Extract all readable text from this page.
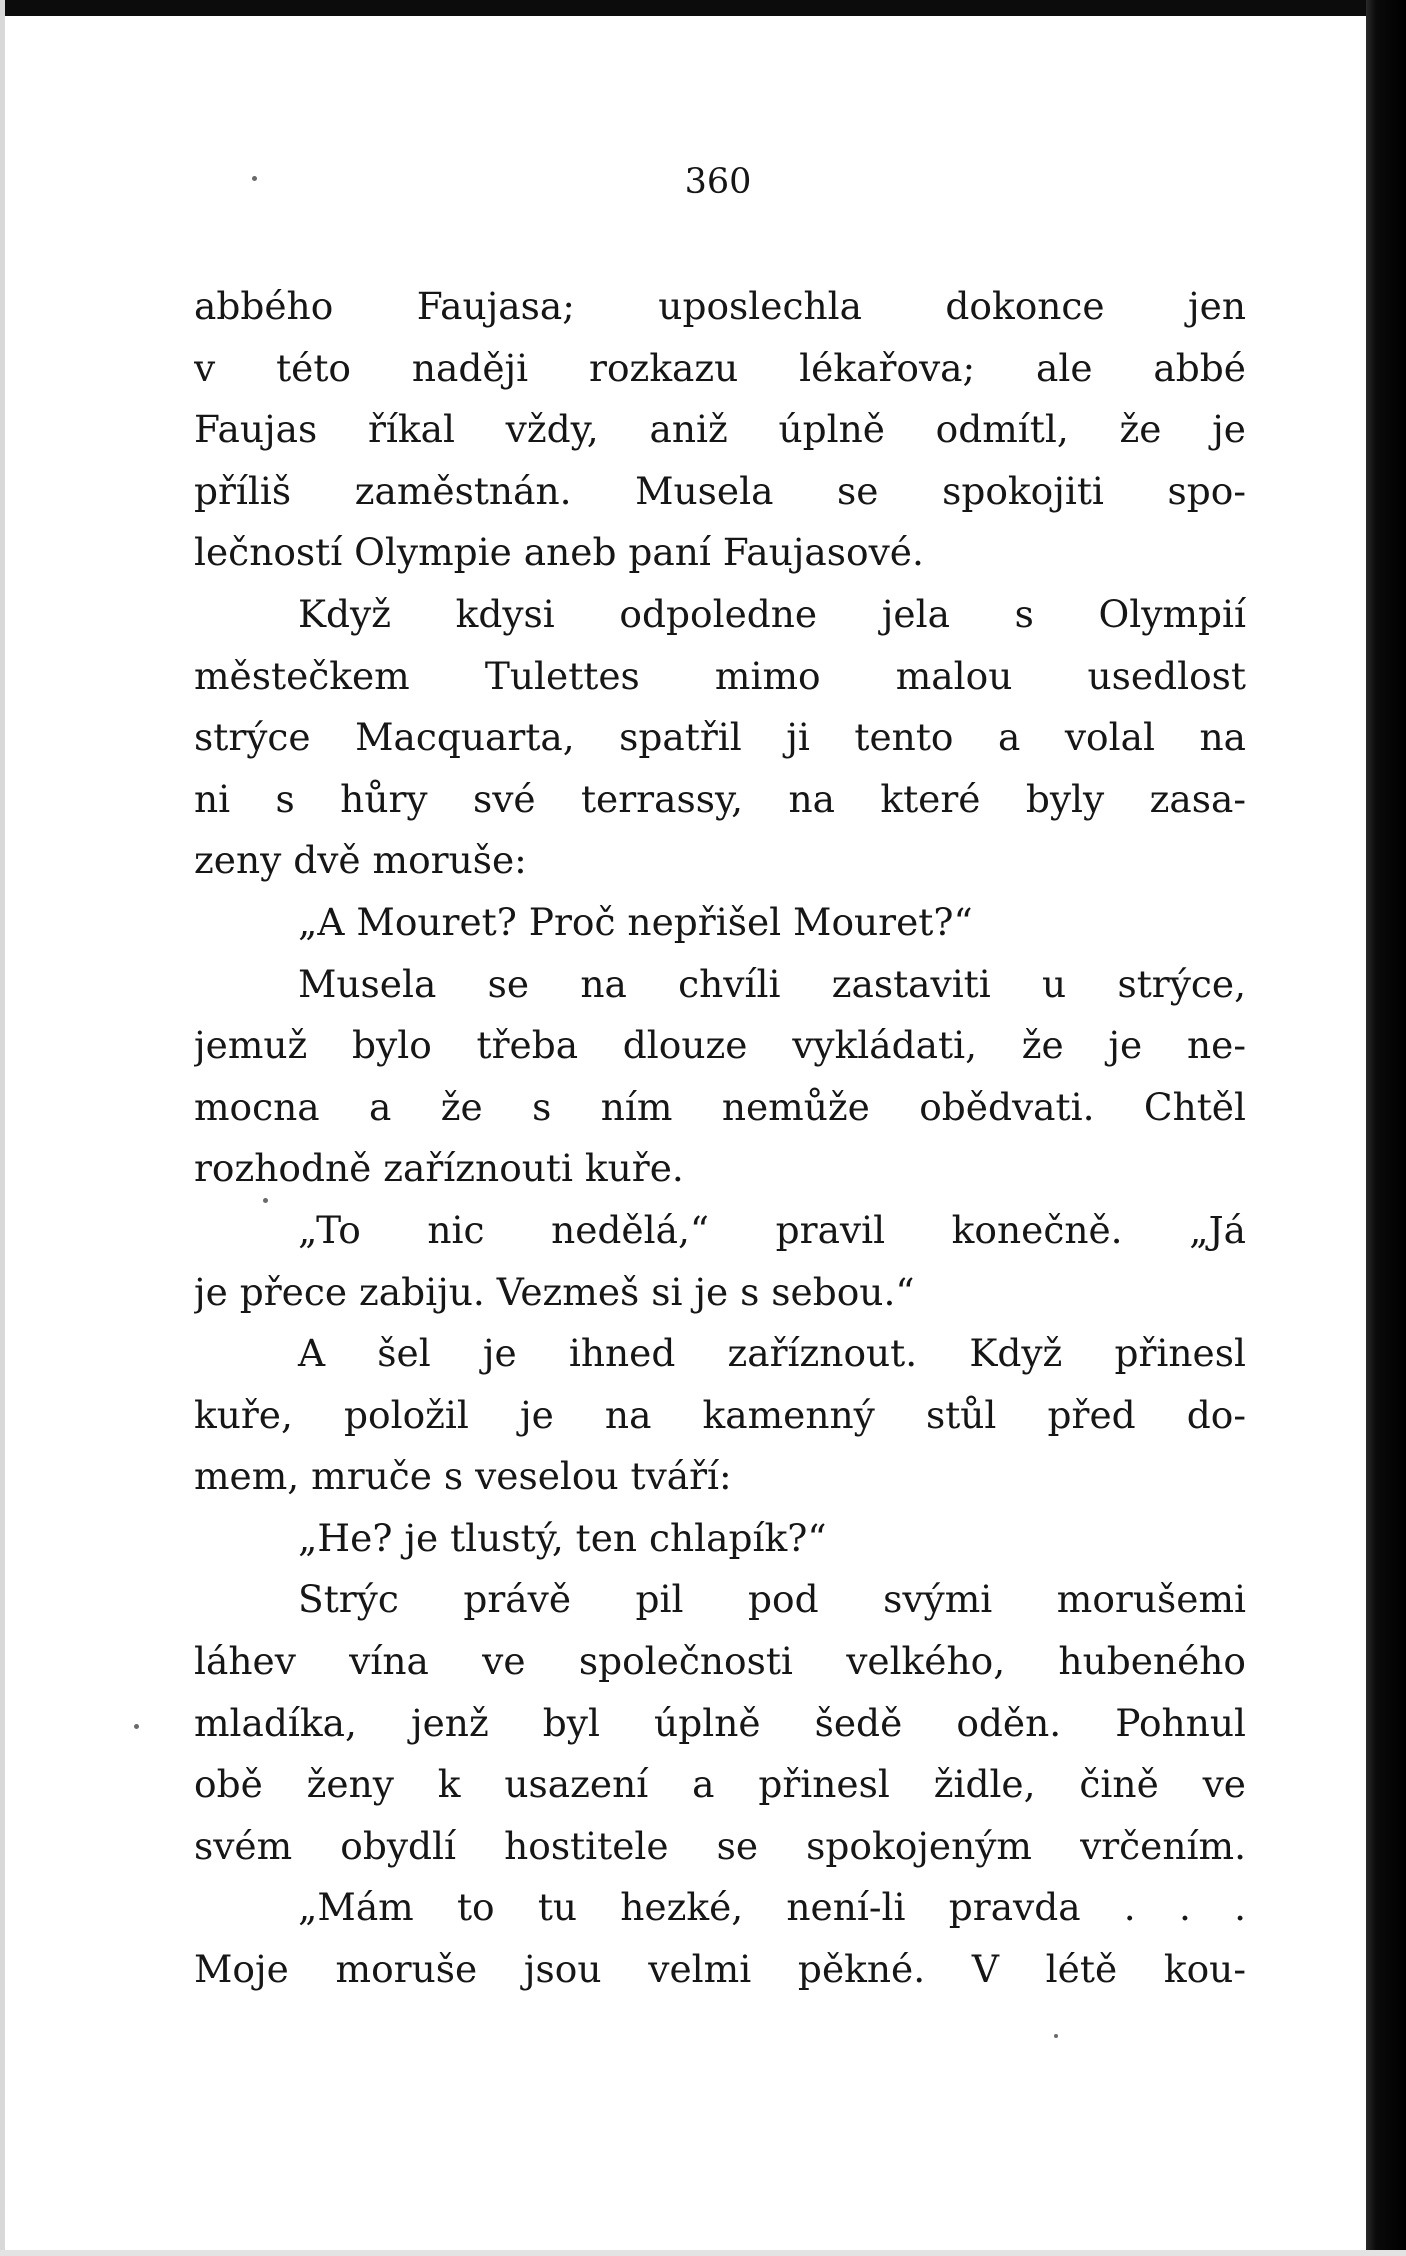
360

abbého Faujasa; uposlechla dokonce jen
v této naději rozkazu lékařova; ale abbé
Faujas říkal vždy, aniž úplně odmítl, že je
příliš zaměstnán. Musela se spokojiti spo-
lečností Olympie aneb paní Faujasové.
Když kdysi odpoledne jela s Olympií
městečkem Tulettes mimo malou usedlost
strýce Macquarta, spatřil ji tento a volal na
ni s hůry své terrassy, na které byly zasa-
zeny dvě moruše:
„A Mouret? Proč nepřišel Mouret?“
Musela se na chvíli zastaviti u strýce,
jemuž bylo třeba dlouze vykládati, že je ne-
mocna a že s ním nemůže obědvati. Chtěl
rozhodně zaříznouti kuře.
„To nic nedělá,“ pravil konečně. „Já
je přece zabiju. Vezmeš si je s sebou.“
A šel je ihned zaříznout. Když přinesl
kuře, položil je na kamenný stůl před do-
mem, mruče s veselou tváří:
„He? je tlustý, ten chlapík?“
Strýc právě pil pod svými morušemi
láhev vína ve společnosti velkého, hubeného
mladíka, jenž byl úplně šedě oděn. Pohnul
obě ženy k usazení a přinesl židle, čině ve
svém obydlí hostitele se spokojeným vrčením.
„Mám to tu hezké, není-li pravda . . .
Moje moruše jsou velmi pěkné. V létě kou-
